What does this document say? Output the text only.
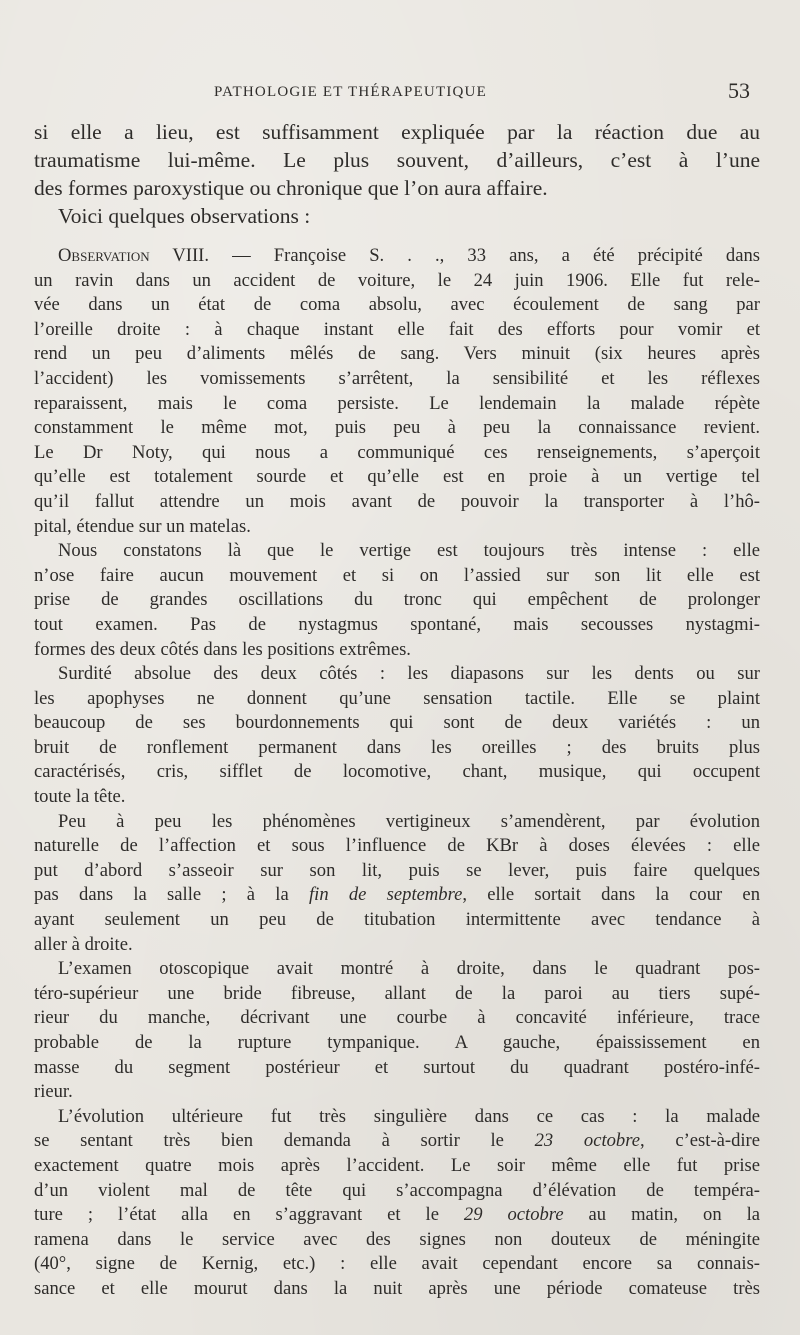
PATHOLOGIE ET THÉRAPEUTIQUE	53
si elle a lieu, est suffisamment expliquée par la réaction due au
traumatisme lui-même. Le plus souvent, d’ailleurs, c’est à l’une
des formes paroxystique ou chronique que l’on aura affaire.
Voici quelques observations :
Observation VIII. — Françoise S. . ., 33 ans, a été précipité dans
un ravin dans un accident de voiture, le 24 juin 1906. Elle fut rele-
vée dans un état de coma absolu, avec écoulement de sang par
l’oreille droite : à chaque instant elle fait des efforts pour vomir et
rend un peu d’aliments mêlés de sang. Vers minuit (six heures après
l’accident) les vomissements s’arrêtent, la sensibilité et les réflexes
reparaissent, mais le coma persiste. Le lendemain la malade répète
constamment le même mot, puis peu à peu la connaissance revient.
Le Dr Noty, qui nous a communiqué ces renseignements, s’aperçoit
qu’elle est totalement sourde et qu’elle est en proie à un vertige tel
qu’il fallut attendre un mois avant de pouvoir la transporter à l’hô-
pital, étendue sur un matelas.
Nous constatons là que le vertige est toujours très intense : elle
n’ose faire aucun mouvement et si on l’assied sur son lit elle est
prise de grandes oscillations du tronc qui empêchent de prolonger
tout examen. Pas de nystagmus spontané, mais secousses nystagmi-
formes des deux côtés dans les positions extrêmes.
Surdité absolue des deux côtés : les diapasons sur les dents ou sur
les apophyses ne donnent qu’une sensation tactile. Elle se plaint
beaucoup de ses bourdonnements qui sont de deux variétés : un
bruit de ronflement permanent dans les oreilles ; des bruits plus
caractérisés, cris, sifflet de locomotive, chant, musique, qui occupent
toute la tête.
Peu à peu les phénomènes vertigineux s’amendèrent, par évolution
naturelle de l’affection et sous l’influence de KBr à doses élevées : elle
put d’abord s’asseoir sur son lit, puis se lever, puis faire quelques
pas dans la salle ; à la fin de septembre, elle sortait dans la cour en
ayant seulement un peu de titubation intermittente avec tendance à
aller à droite.
L’examen otoscopique avait montré à droite, dans le quadrant pos-
téro-supérieur une bride fibreuse, allant de la paroi au tiers supé-
rieur du manche, décrivant une courbe à concavité inférieure, trace
probable de la rupture tympanique. A gauche, épaississement en
masse du segment postérieur et surtout du quadrant postéro-infé-
rieur.
L’évolution ultérieure fut très singulière dans ce cas : la malade
se sentant très bien demanda à sortir le 23 octobre, c’est-à-dire
exactement quatre mois après l’accident. Le soir même elle fut prise
d’un violent mal de tête qui s’accompagna d’élévation de tempéra-
ture ; l’état alla en s’aggravant et le 29 octobre au matin, on la
ramena dans le service avec des signes non douteux de méningite
(40°, signe de Kernig, etc.) : elle avait cependant encore sa connais-
sance et elle mourut dans la nuit après une période comateuse très
